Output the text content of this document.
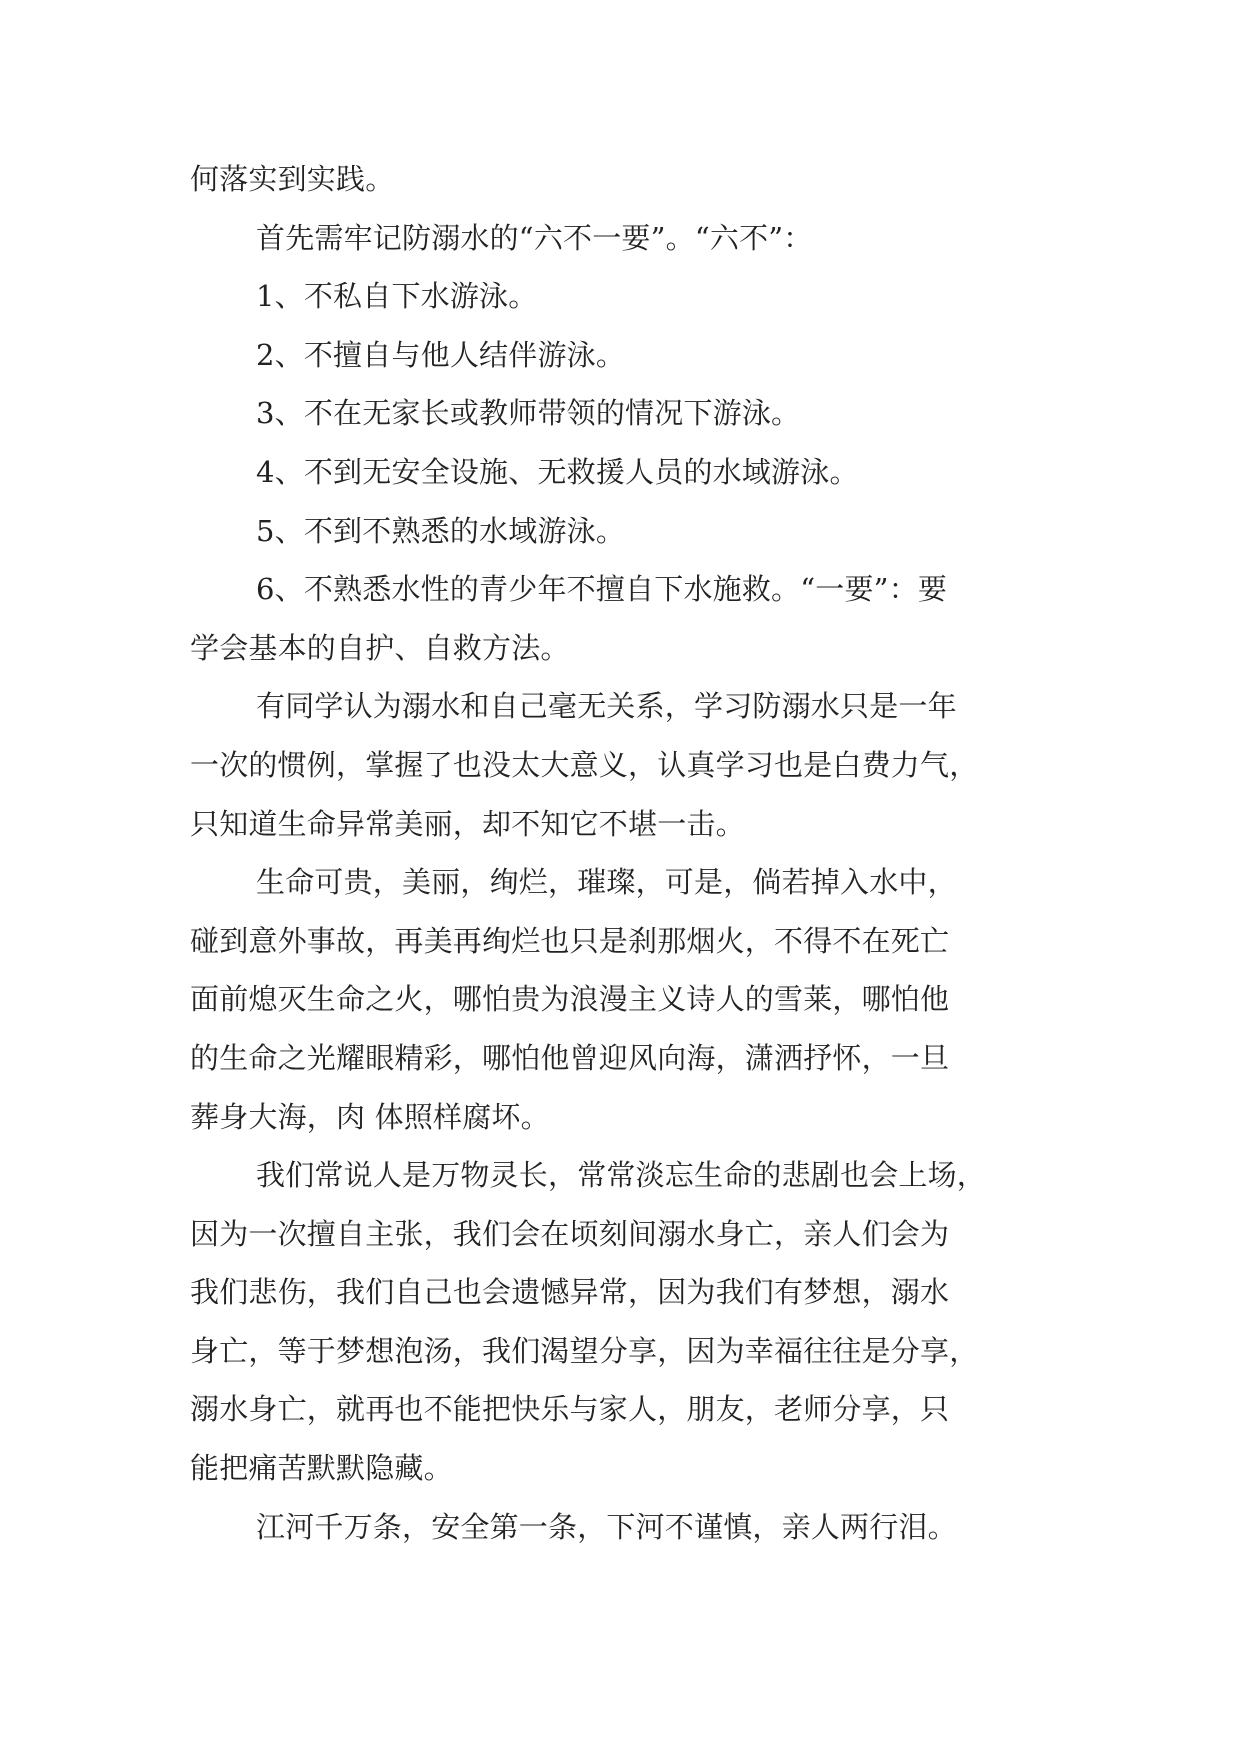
何落实到实践。
首先需牢记防溺水的“六不一要”。“六不”：
1、不私自下水游泳。
2、不擅自与他人结伴游泳。
3、不在无家长或教师带领的情况下游泳。
4、不到无安全设施、无救援人员的水域游泳。
5、不到不熟悉的水域游泳。
6、不熟悉水性的青少年不擅自下水施救。“一要”：要
学会基本的自护、自救方法。
有同学认为溺水和自己毫无关系，学习防溺水只是一年
一次的惯例，掌握了也没太大意义，认真学习也是白费力气，
只知道生命异常美丽，却不知它不堪一击。
生命可贵，美丽，绚烂，璀璨，可是，倘若掉入水中，
碰到意外事故，再美再绚烂也只是刹那烟火，不得不在死亡
面前熄灭生命之火，哪怕贵为浪漫主义诗人的雪莱，哪怕他
的生命之光耀眼精彩，哪怕他曾迎风向海，潇洒抒怀，一旦
葬身大海，肉 体照样腐坏。
我们常说人是万物灵长，常常淡忘生命的悲剧也会上场，
因为一次擅自主张，我们会在顷刻间溺水身亡，亲人们会为
我们悲伤，我们自己也会遗憾异常，因为我们有梦想，溺水
身亡，等于梦想泡汤，我们渴望分享，因为幸福往往是分享，
溺水身亡，就再也不能把快乐与家人，朋友，老师分享，只
能把痛苦默默隐藏。
江河千万条，安全第一条，下河不谨慎，亲人两行泪。
